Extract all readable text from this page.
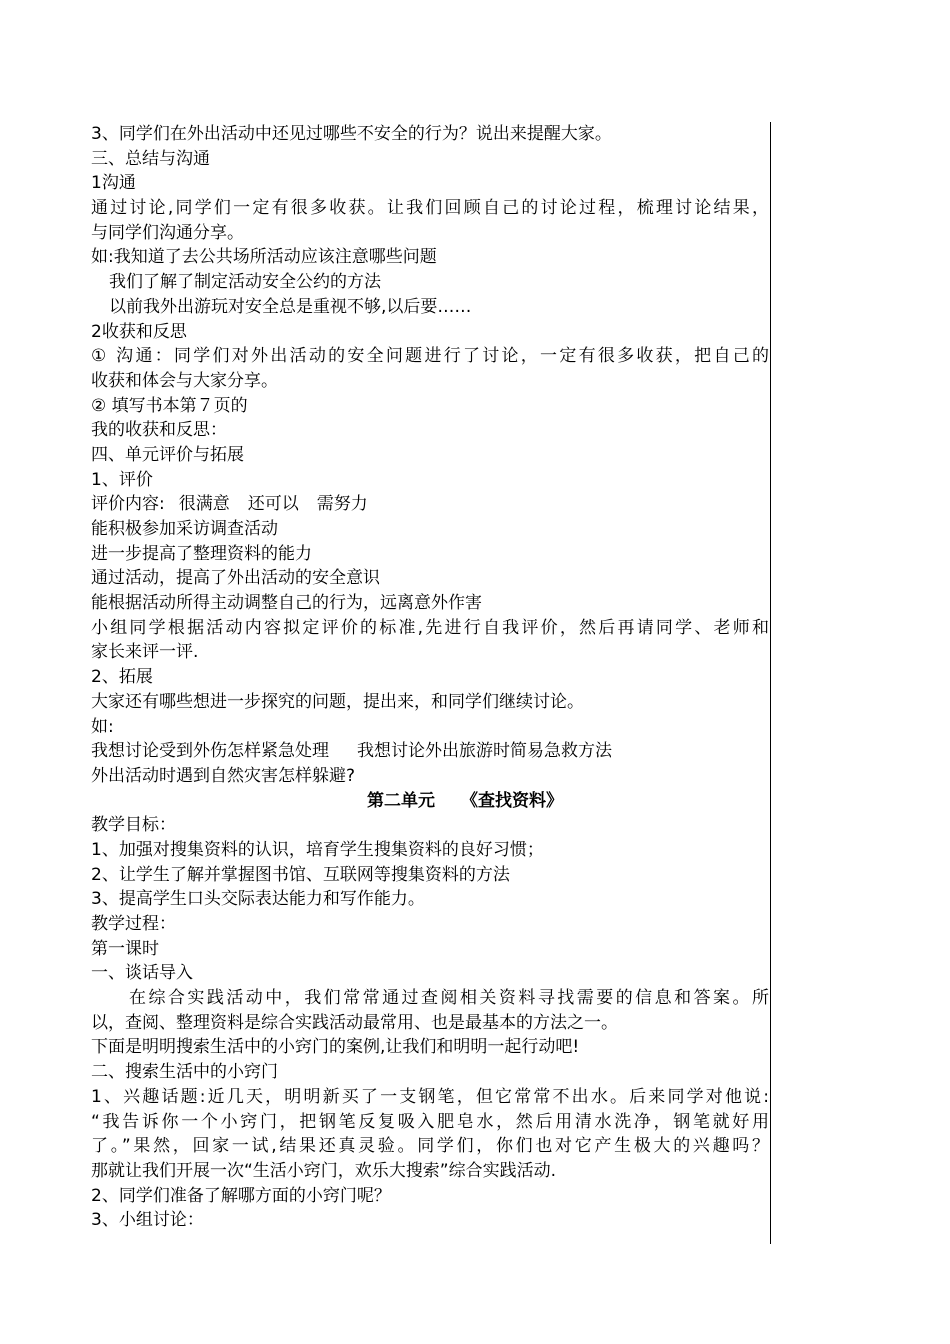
3、同学们在外出活动中还见过哪些不安全的行为？说出来提醒大家。
三、总结与沟通
1沟通
通过讨论,同学们一定有很多收获。让我们回顾自己的讨论过程，梳理讨论结果，
与同学们沟通分享。
如:我知道了去公共场所活动应该注意哪些问题
我们了解了制定活动安全公约的方法
以前我外出游玩对安全总是重视不够,以后要……
2收获和反思
① 沟通：同学们对外出活动的安全问题进行了讨论，一定有很多收获，把自己的
收获和体会与大家分享。
② 填写书本第７页的
我的收获和反思：
四、单元评价与拓展
1、评价
评价内容: 很满意 还可以 需努力
能积极参加采访调查活动
进一步提高了整理资料的能力
通过活动，提高了外出活动的安全意识
能根据活动所得主动调整自己的行为，远离意外作害
小组同学根据活动内容拟定评价的标准,先进行自我评价，然后再请同学、老师和
家长来评一评.
2、拓展
大家还有哪些想进一步探究的问题，提出来，和同学们继续讨论。
如:
我想讨论受到外伤怎样紧急处理 我想讨论外出旅游时简易急救方法
外出活动时遇到自然灾害怎样躲避?
第二单元 《查找资料》
教学目标：
1、加强对搜集资料的认识，培育学生搜集资料的良好习惯；
2、让学生了解并掌握图书馆、互联网等搜集资料的方法
3、提高学生口头交际表达能力和写作能力。
教学过程：
第一课时
一、谈话导入
在综合实践活动中，我们常常通过查阅相关资料寻找需要的信息和答案。所
以，查阅、整理资料是综合实践活动最常用、也是最基本的方法之一。
下面是明明搜索生活中的小窍门的案例,让我们和明明一起行动吧!
二、搜索生活中的小窍门
1、兴趣话题:近几天，明明新买了一支钢笔，但它常常不出水。后来同学对他说:
“我告诉你一个小窍门，把钢笔反复吸入肥皂水，然后用清水洗净，钢笔就好用
了。”果然，回家一试,结果还真灵验。同学们，你们也对它产生极大的兴趣吗？
那就让我们开展一次“生活小窍门，欢乐大搜索”综合实践活动.
2、同学们准备了解哪方面的小窍门呢？
3、小组讨论：
